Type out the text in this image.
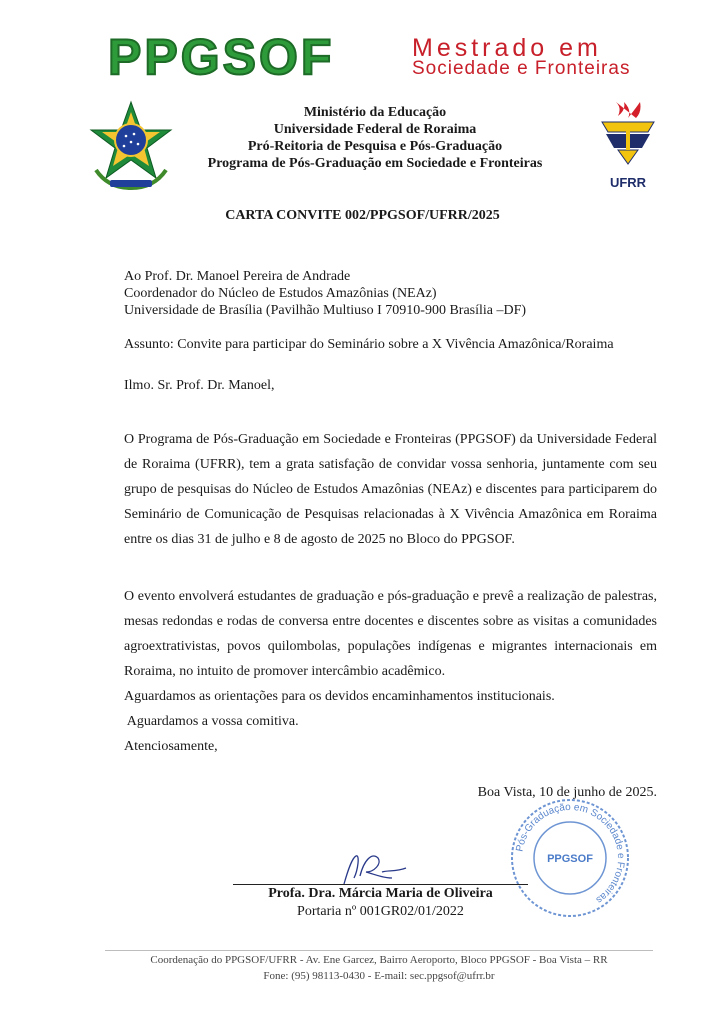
PPGSOF	Mestrado em
Sociedade e Fronteiras
Ministério da Educação
Universidade Federal de Roraima
Pró-Reitoria de Pesquisa e Pós-Graduação
Programa de Pós-Graduação em Sociedade e Fronteiras
UFRR
CARTA CONVITE 002/PPGSOF/UFRR/2025
Ao Prof. Dr. Manoel Pereira de Andrade
Coordenador do Núcleo de Estudos Amazônias (NEAz)
Universidade de Brasília (Pavilhão Multiuso I 70910-900 Brasília –DF)
Assunto: Convite para participar do Seminário sobre a X Vivência Amazônica/Roraima
Ilmo. Sr. Prof. Dr. Manoel,
O Programa de Pós-Graduação em Sociedade e Fronteiras (PPGSOF) da Universidade Federal de Roraima (UFRR), tem a grata satisfação de convidar vossa senhoria, juntamente com seu grupo de pesquisas do Núcleo de Estudos Amazônias (NEAz) e discentes para participarem do Seminário de Comunicação de Pesquisas relacionadas à X Vivência Amazônica em Roraima entre os dias 31 de julho e 8 de agosto de 2025 no Bloco do PPGSOF.
O evento envolverá estudantes de graduação e pós-graduação e prevê a realização de palestras, mesas redondas e rodas de conversa entre docentes e discentes sobre as visitas a comunidades agroextrativistas, povos quilombolas, populações indígenas e migrantes internacionais em Roraima, no intuito de promover intercâmbio acadêmico.
Aguardamos as orientações para os devidos encaminhamentos institucionais.
Aguardamos a vossa comitiva.
Atenciosamente,
Boa Vista, 10 de junho de 2025.
Pós-Graduação em Sociedade e Fronteiras
PPGSOF
Profa. Dra. Márcia Maria de Oliveira
Portaria nº 001GR02/01/2022
Coordenação do PPGSOF/UFRR - Av. Ene Garcez, Bairro Aeroporto, Bloco PPGSOF - Boa Vista – RR
Fone: (95) 98113-0430 - E-mail: sec.ppgsof@ufrr.br
